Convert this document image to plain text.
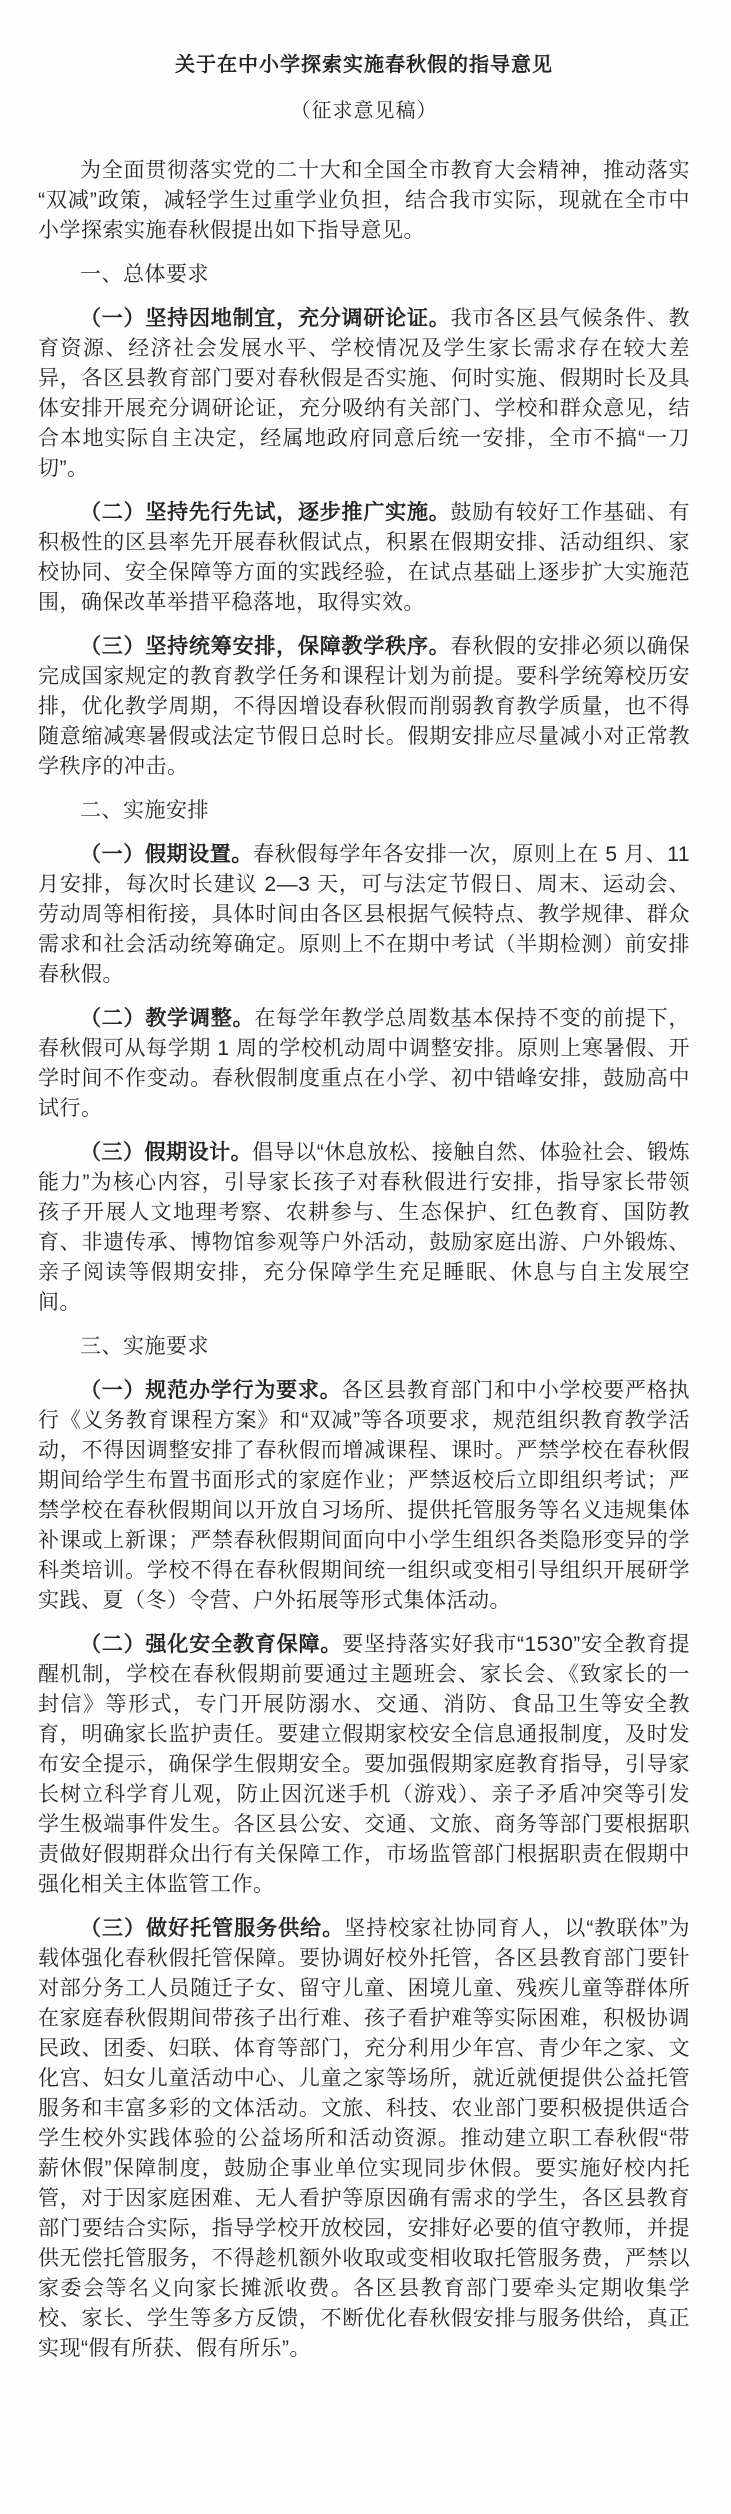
关于在中小学探索实施春秋假的指导意见
（征求意见稿）

为全面贯彻落实党的二十大和全国全市教育大会精神，推动落实“双减”政策，减轻学生过重学业负担，结合我市实际，现就在全市中小学探索实施春秋假提出如下指导意见。

一、总体要求

（一）坚持因地制宜，充分调研论证。我市各区县气候条件、教育资源、经济社会发展水平、学校情况及学生家长需求存在较大差异，各区县教育部门要对春秋假是否实施、何时实施、假期时长及具体安排开展充分调研论证，充分吸纳有关部门、学校和群众意见，结合本地实际自主决定，经属地政府同意后统一安排，全市不搞“一刀切”。

（二）坚持先行先试，逐步推广实施。鼓励有较好工作基础、有积极性的区县率先开展春秋假试点，积累在假期安排、活动组织、家校协同、安全保障等方面的实践经验，在试点基础上逐步扩大实施范围，确保改革举措平稳落地，取得实效。

（三）坚持统筹安排，保障教学秩序。春秋假的安排必须以确保完成国家规定的教育教学任务和课程计划为前提。要科学统筹校历安排，优化教学周期，不得因增设春秋假而削弱教育教学质量，也不得随意缩减寒暑假或法定节假日总时长。假期安排应尽量减小对正常教学秩序的冲击。

二、实施安排

（一）假期设置。春秋假每学年各安排一次，原则上在 5 月、11 月安排，每次时长建议 2—3 天，可与法定节假日、周末、运动会、劳动周等相衔接，具体时间由各区县根据气候特点、教学规律、群众需求和社会活动统筹确定。原则上不在期中考试（半期检测）前安排春秋假。

（二）教学调整。在每学年教学总周数基本保持不变的前提下，春秋假可从每学期 1 周的学校机动周中调整安排。原则上寒暑假、开学时间不作变动。春秋假制度重点在小学、初中错峰安排，鼓励高中试行。

（三）假期设计。倡导以“休息放松、接触自然、体验社会、锻炼能力”为核心内容，引导家长孩子对春秋假进行安排，指导家长带领孩子开展人文地理考察、农耕参与、生态保护、红色教育、国防教育、非遗传承、博物馆参观等户外活动，鼓励家庭出游、户外锻炼、亲子阅读等假期安排，充分保障学生充足睡眠、休息与自主发展空间。

三、实施要求

（一）规范办学行为要求。各区县教育部门和中小学校要严格执行《义务教育课程方案》和“双减”等各项要求，规范组织教育教学活动，不得因调整安排了春秋假而增减课程、课时。严禁学校在春秋假期间给学生布置书面形式的家庭作业；严禁返校后立即组织考试；严禁学校在春秋假期间以开放自习场所、提供托管服务等名义违规集体补课或上新课；严禁春秋假期间面向中小学生组织各类隐形变异的学科类培训。学校不得在春秋假期间统一组织或变相引导组织开展研学实践、夏（冬）令营、户外拓展等形式集体活动。

（二）强化安全教育保障。要坚持落实好我市“1530”安全教育提醒机制，学校在春秋假期前要通过主题班会、家长会、《致家长的一封信》等形式，专门开展防溺水、交通、消防、食品卫生等安全教育，明确家长监护责任。要建立假期家校安全信息通报制度，及时发布安全提示，确保学生假期安全。要加强假期家庭教育指导，引导家长树立科学育儿观，防止因沉迷手机（游戏）、亲子矛盾冲突等引发学生极端事件发生。各区县公安、交通、文旅、商务等部门要根据职责做好假期群众出行有关保障工作，市场监管部门根据职责在假期中强化相关主体监管工作。

（三）做好托管服务供给。坚持校家社协同育人，以“教联体”为载体强化春秋假托管保障。要协调好校外托管，各区县教育部门要针对部分务工人员随迁子女、留守儿童、困境儿童、残疾儿童等群体所在家庭春秋假期间带孩子出行难、孩子看护难等实际困难，积极协调民政、团委、妇联、体育等部门，充分利用少年宫、青少年之家、文化宫、妇女儿童活动中心、儿童之家等场所，就近就便提供公益托管服务和丰富多彩的文体活动。文旅、科技、农业部门要积极提供适合学生校外实践体验的公益场所和活动资源。推动建立职工春秋假“带薪休假”保障制度，鼓励企事业单位实现同步休假。要实施好校内托管，对于因家庭困难、无人看护等原因确有需求的学生，各区县教育部门要结合实际，指导学校开放校园，安排好必要的值守教师，并提供无偿托管服务，不得趁机额外收取或变相收取托管服务费，严禁以家委会等名义向家长摊派收费。各区县教育部门要牵头定期收集学校、家长、学生等多方反馈，不断优化春秋假安排与服务供给，真正实现“假有所获、假有所乐”。
